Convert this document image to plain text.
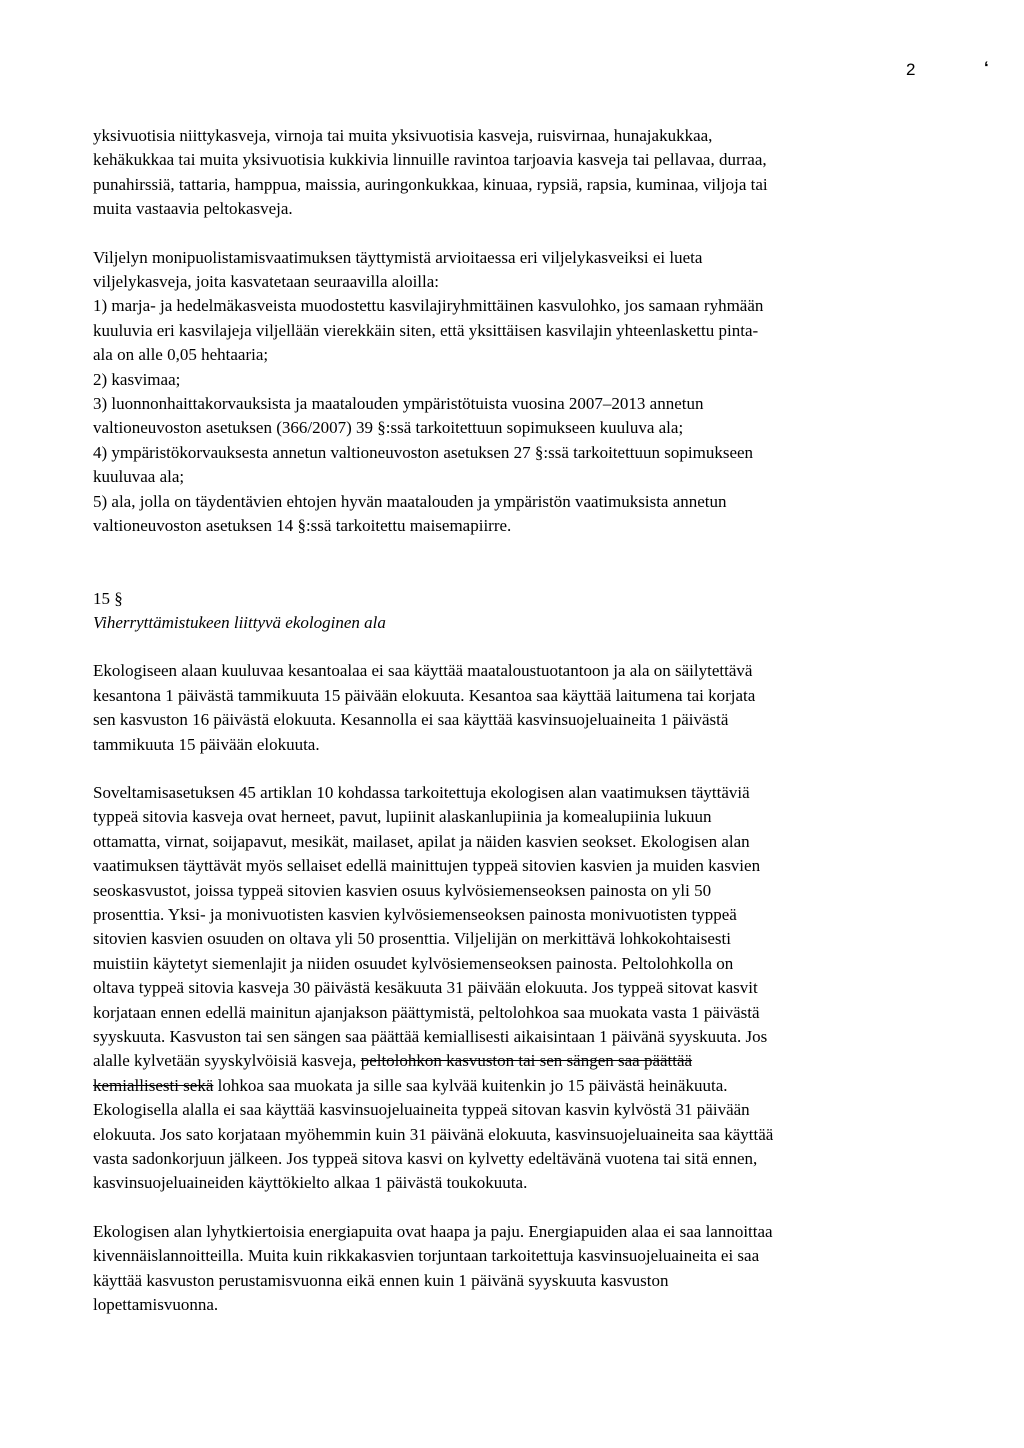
2	‘
yksivuotisia niittykasveja, virnoja tai muita yksivuotisia kasveja, ruisvirnaa, hunajakukkaa,
kehäkukkaa tai muita yksivuotisia kukkivia linnuille ravintoa tarjoavia kasveja tai pellavaa, durraa,
punahirssiä, tattaria, hamppua, maissia, auringonkukkaa, kinuaa, rypsiä, rapsia, kuminaa, viljoja tai
muita vastaavia peltokasveja.
Viljelyn monipuolistamisvaatimuksen täyttymistä arvioitaessa eri viljelykasveiksi ei lueta
viljelykasveja, joita kasvatetaan seuraavilla aloilla:
1) marja- ja hedelmäkasveista muodostettu kasvilajiryhmittäinen kasvulohko, jos samaan ryhmään
kuuluvia eri kasvilajeja viljellään vierekkäin siten, että yksittäisen kasvilajin yhteenlaskettu pinta-
ala on alle 0,05 hehtaaria;
2) kasvimaa;
3) luonnonhaittakorvauksista ja maatalouden ympäristötuista vuosina 2007–2013 annetun
valtioneuvoston asetuksen (366/2007) 39 §:ssä tarkoitettuun sopimukseen kuuluva ala;
4) ympäristökorvauksesta annetun valtioneuvoston asetuksen 27 §:ssä tarkoitettuun sopimukseen
kuuluvaa ala;
5) ala, jolla on täydentävien ehtojen hyvän maatalouden ja ympäristön vaatimuksista annetun
valtioneuvoston asetuksen 14 §:ssä tarkoitettu maisemapiirre.
15 §
Viherryttämistukeen liittyvä ekologinen ala
Ekologiseen alaan kuuluvaa kesantoalaa ei saa käyttää maataloustuotantoon ja ala on säilytettävä
kesantona 1 päivästä tammikuuta 15 päivään elokuuta. Kesantoa saa käyttää laitumena tai korjata
sen kasvuston 16 päivästä elokuuta. Kesannolla ei saa käyttää kasvinsuojeluaineita 1 päivästä
tammikuuta 15 päivään elokuuta.
Soveltamisasetuksen 45 artiklan 10 kohdassa tarkoitettuja ekologisen alan vaatimuksen täyttäviä
typpeä sitovia kasveja ovat herneet, pavut, lupiinit alaskanlupiinia ja komealupiinia lukuun
ottamatta, virnat, soijapavut, mesikät, mailaset, apilat ja näiden kasvien seokset. Ekologisen alan
vaatimuksen täyttävät myös sellaiset edellä mainittujen typpeä sitovien kasvien ja muiden kasvien
seoskasvustot, joissa typpeä sitovien kasvien osuus kylvösiemenseoksen painosta on yli 50
prosenttia. Yksi- ja monivuotisten kasvien kylvösiemenseoksen painosta monivuotisten typpeä
sitovien kasvien osuuden on oltava yli 50 prosenttia. Viljelijän on merkittävä lohkokohtaisesti
muistiin käytetyt siemenlajit ja niiden osuudet kylvösiemenseoksen painosta. Peltolohkolla on
oltava typpeä sitovia kasveja 30 päivästä kesäkuuta 31 päivään elokuuta. Jos typpeä sitovat kasvit
korjataan ennen edellä mainitun ajanjakson päättymistä, peltolohkoa saa muokata vasta 1 päivästä
syyskuuta. Kasvuston tai sen sängen saa päättää kemiallisesti aikaisintaan 1 päivänä syyskuuta. Jos
alalle kylvetään syyskylvöisiä kasveja, peltolohkon kasvuston tai sen sängen saa päättää
kemiallisesti sekä lohkoa saa muokata ja sille saa kylvää kuitenkin jo 15 päivästä heinäkuuta.
Ekologisella alalla ei saa käyttää kasvinsuojeluaineita typpeä sitovan kasvin kylvöstä 31 päivään
elokuuta. Jos sato korjataan myöhemmin kuin 31 päivänä elokuuta, kasvinsuojeluaineita saa käyttää
vasta sadonkorjuun jälkeen. Jos typpeä sitova kasvi on kylvetty edeltävänä vuotena tai sitä ennen,
kasvinsuojeluaineiden käyttökielto alkaa 1 päivästä toukokuuta.
Ekologisen alan lyhytkiertoisia energiapuita ovat haapa ja paju. Energiapuiden alaa ei saa lannoittaa
kivennäislannoitteilla. Muita kuin rikkakasvien torjuntaan tarkoitettuja kasvinsuojeluaineita ei saa
käyttää kasvuston perustamisvuonna eikä ennen kuin 1 päivänä syyskuuta kasvuston
lopettamisvuonna.
